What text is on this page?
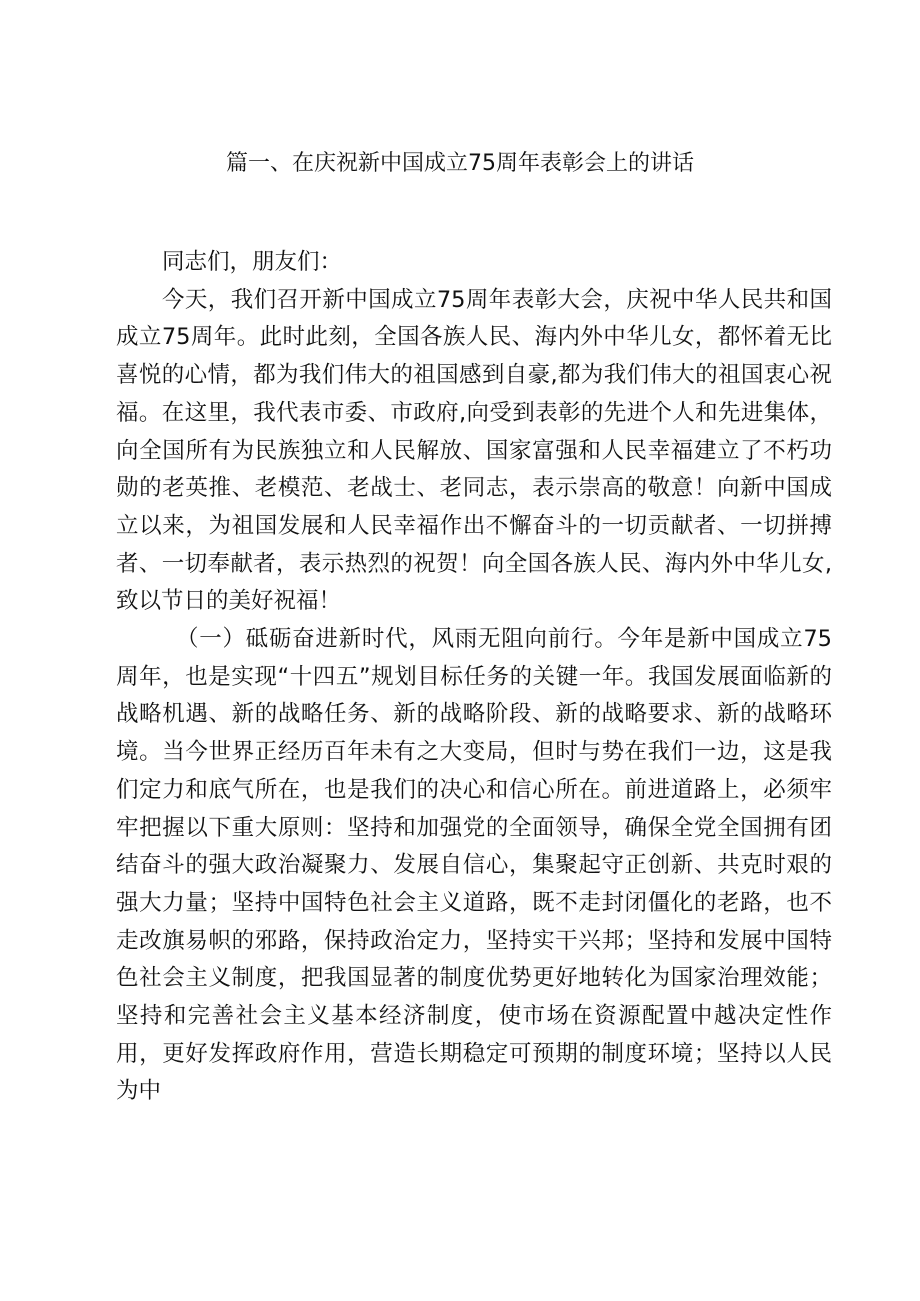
篇一、在庆祝新中国成立75周年表彰会上的讲话

同志们，朋友们：

今天，我们召开新中国成立75周年表彰大会，庆祝中华人民共和国成立75周年。此时此刻，全国各族人民、海内外中华儿女，都怀着无比喜悦的心情，都为我们伟大的祖国感到自豪,都为我们伟大的祖国衷心祝福。在这里，我代表市委、市政府,向受到表彰的先进个人和先进集体，向全国所有为民族独立和人民解放、国家富强和人民幸福建立了不朽功勋的老英推、老模范、老战士、老同志，表示崇高的敬意！向新中国成立以来，为祖国发展和人民幸福作出不懈奋斗的一切贡献者、一切拼搏者、一切奉献者，表示热烈的祝贺！向全国各族人民、海内外中华儿女,致以节日的美好祝福！

（一）砥砺奋进新时代，风雨无阻向前行。今年是新中国成立75周年，也是实现“十四五”规划目标任务的关键一年。我国发展面临新的战略机遇、新的战略任务、新的战略阶段、新的战略要求、新的战略环境。当今世界正经历百年未有之大变局，但时与势在我们一边，这是我们定力和底气所在，也是我们的决心和信心所在。前进道路上，必须牢牢把握以下重大原则：坚持和加强党的全面领导，确保全党全国拥有团结奋斗的强大政治凝聚力、发展自信心，集聚起守正创新、共克时艰的强大力量；坚持中国特色社会主义道路，既不走封闭僵化的老路，也不走改旗易帜的邪路，保持政治定力，坚持实干兴邦；坚持和发展中国特色社会主义制度，把我国显著的制度优势更好地转化为国家治理效能；坚持和完善社会主义基本经济制度，使市场在资源配置中越决定性作用，更好发挥政府作用，营造长期稳定可预期的制度环境；坚持以人民为中
